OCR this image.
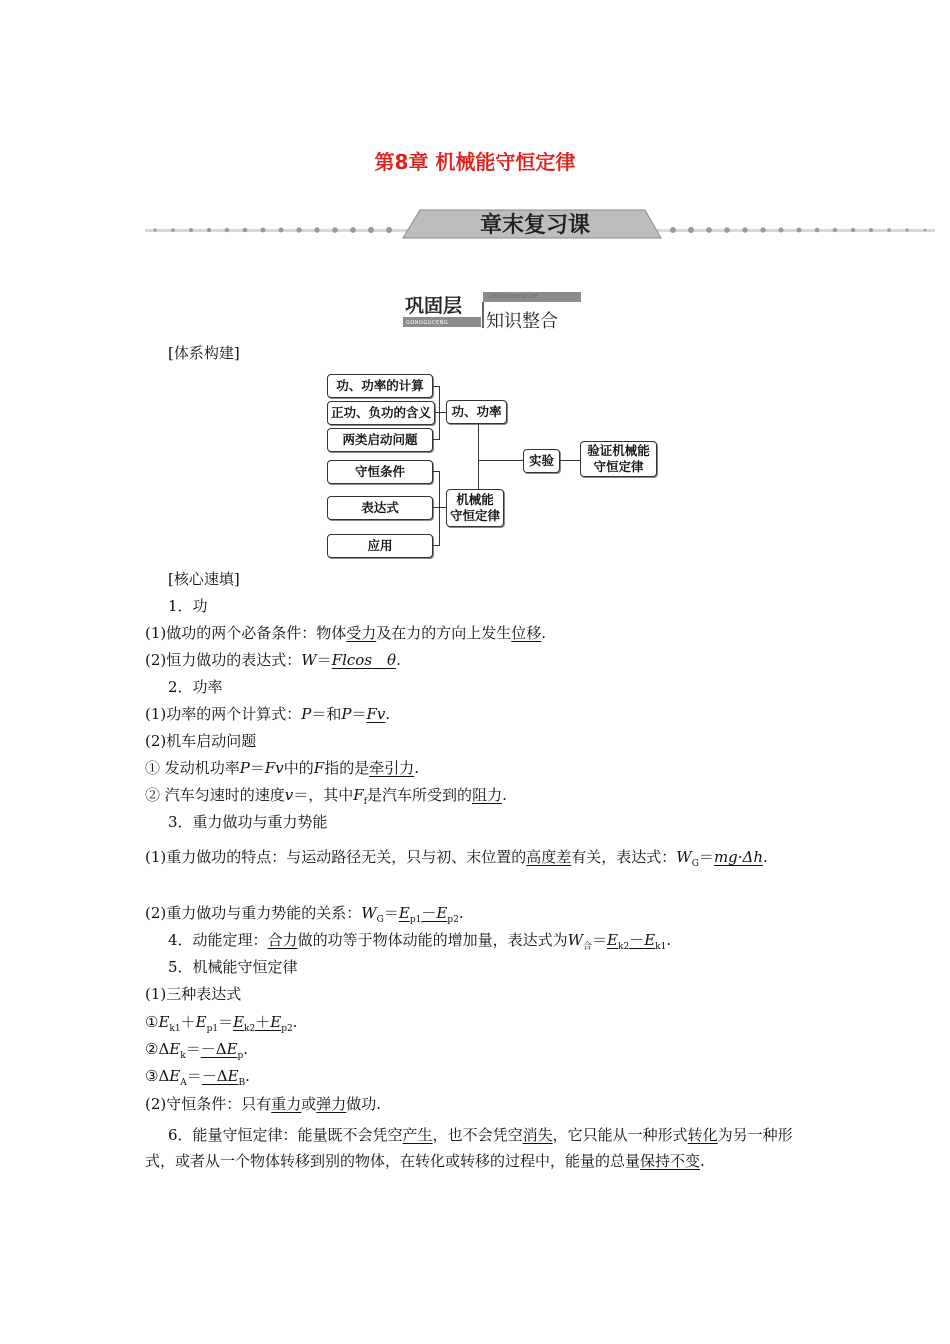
第8章 机械能守恒定律
章末复习课
巩固层	ZHISHIZHENGHE
GONGGUCENG 知识整合
[体系构建]
功、功率的计算
正功、负功的含义
两类启动问题
守恒条件
表达式
应用
功、功率
机械能
守恒定律
实验
验证机械能
守恒定律
[核心速填]
1．功
(1)做功的两个必备条件：物体受力及在力的方向上发生位移.
(2)恒力做功的表达式：W＝Flcos　θ.
2．功率
(1)功率的两个计算式：P＝和P＝Fv.
(2)机车启动问题
① 发动机功率P＝Fv中的F指的是牵引力.
② 汽车匀速时的速度v＝，其中$F_f$是汽车所受到的阻力.
3．重力做功与重力势能
(1)重力做功的特点：与运动路径无关，只与初、末位置的高度差有关，表达式：$W_G=mg\cdot\Delta h$.
(2)重力做功与重力势能的关系：$W_G=E_{p1}-E_{p2}$.
4．动能定理：合力做的功等于物体动能的增加量，表达式为$W_合=E_{k2}-E_{k1}$.
5．机械能守恒定律
(1)三种表达式
$①E_{k1}+E_{p1}=E_{k2}+E_{p2}$.
$②\Delta E_k=-\Delta E_p$.
$③\Delta E_A=-\Delta E_B$.
(2)守恒条件：只有重力或弹力做功.
6．能量守恒定律：能量既不会凭空产生，也不会凭空消失，它只能从一种形式转化为另一种形式，或者从一个物体转移到别的物体，在转化或转移的过程中，能量的总量保持不变.
